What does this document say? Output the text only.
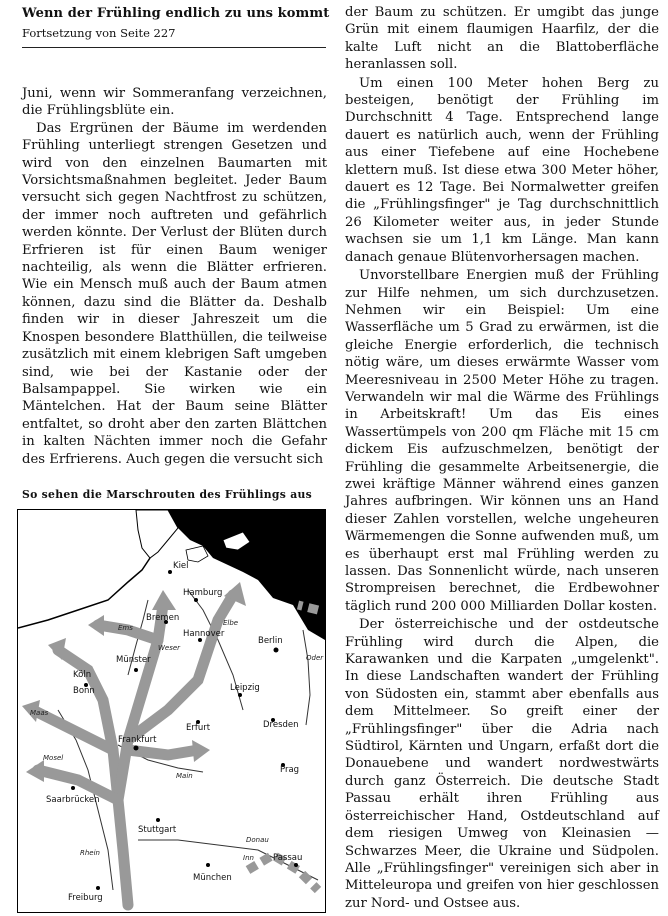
Wenn der Frühling endlich zu uns kommt
Fortsetzung von Seite 227

Juni, wenn wir Sommeranfang verzeichnen, die Frühlingsblüte ein.

Das Ergrünen der Bäume im werdenden Frühling unterliegt strengen Gesetzen und wird von den einzelnen Baumarten mit Vorsichtsmaßnahmen begleitet. Jeder Baum versucht sich gegen Nachtfrost zu schützen, der immer noch auftreten und gefährlich werden könnte. Der Verlust der Blüten durch Erfrieren ist für einen Baum weniger nachteilig, als wenn die Blätter erfrieren. Wie ein Mensch muß auch der Baum atmen können, dazu sind die Blätter da. Deshalb finden wir in dieser Jahreszeit um die Knospen besondere Blatthüllen, die teilweise zusätzlich mit einem klebrigen Saft umgeben sind, wie bei der Kastanie oder der Balsampappel. Sie wirken wie ein Mäntelchen. Hat der Baum seine Blätter entfaltet, so droht aber den zarten Blättchen in kalten Nächten immer noch die Gefahr des Erfrierens. Auch gegen die versucht sich

So sehen die Marschrouten des Frühlings aus
Kiel
Hamburg
Bremen
Hannover
Berlin
Münster
Köln
Bonn	Leipzig
Dresden
Erfurt
Frankfurt
Saarbrücken
Prag
Stuttgart
Passau
München
Freiburg
Ems
Weser
Elbe
Oder
Rhein
Mosel
Main
Donau
Inn
Maas

der Baum zu schützen. Er umgibt das junge Grün mit einem flaumigen Haarfilz, der die kalte Luft nicht an die Blattoberfläche heranlassen soll.

Um einen 100 Meter hohen Berg zu besteigen, benötigt der Frühling im Durchschnitt 4 Tage. Entsprechend lange dauert es natürlich auch, wenn der Frühling aus einer Tiefebene auf eine Hochebene klettern muß. Ist diese etwa 300 Meter höher, dauert es 12 Tage. Bei Normalwetter greifen die „Frühlingsfinger" je Tag durchschnittlich 26 Kilometer weiter aus, in jeder Stunde wachsen sie um 1,1 km Länge. Man kann danach genaue Blütenvorhersagen machen.

Unvorstellbare Energien muß der Frühling zur Hilfe nehmen, um sich durchzusetzen. Nehmen wir ein Beispiel: Um eine Wasserfläche um 5 Grad zu erwärmen, ist die gleiche Energie erforderlich, die technisch nötig wäre, um dieses erwärmte Wasser vom Meeresniveau in 2500 Meter Höhe zu tragen. Verwandeln wir mal die Wärme des Frühlings in Arbeitskraft! Um das Eis eines Wassertümpels von 200 qm Fläche mit 15 cm dickem Eis aufzuschmelzen, benötigt der Frühling die gesammelte Arbeitsenergie, die zwei kräftige Männer während eines ganzen Jahres aufbringen. Wir können uns an Hand dieser Zahlen vorstellen, welche ungeheuren Wärmemengen die Sonne aufwenden muß, um es überhaupt erst mal Frühling werden zu lassen. Das Sonnenlicht würde, nach unseren Strompreisen berechnet, die Erdbewohner täglich rund 200 000 Milliarden Dollar kosten.

Der österreichische und der ostdeutsche Frühling wird durch die Alpen, die Karawanken und die Karpaten „umgelenkt". In diese Landschaften wandert der Frühling von Südosten ein, stammt aber ebenfalls aus dem Mittelmeer. So greift einer der „Frühlingsfinger" über die Adria nach Südtirol, Kärnten und Ungarn, erfaßt dort die Donauebene und wandert nordwestwärts durch ganz Österreich. Die deutsche Stadt Passau erhält ihren Frühling aus österreichischer Hand, Ostdeutschland auf dem riesigen Umweg von Kleinasien — Schwarzes Meer, die Ukraine und Südpolen. Alle „Frühlingsfinger" vereinigen sich aber in Mitteleuropa und greifen von hier geschlossen zur Nord- und Ostsee aus.
